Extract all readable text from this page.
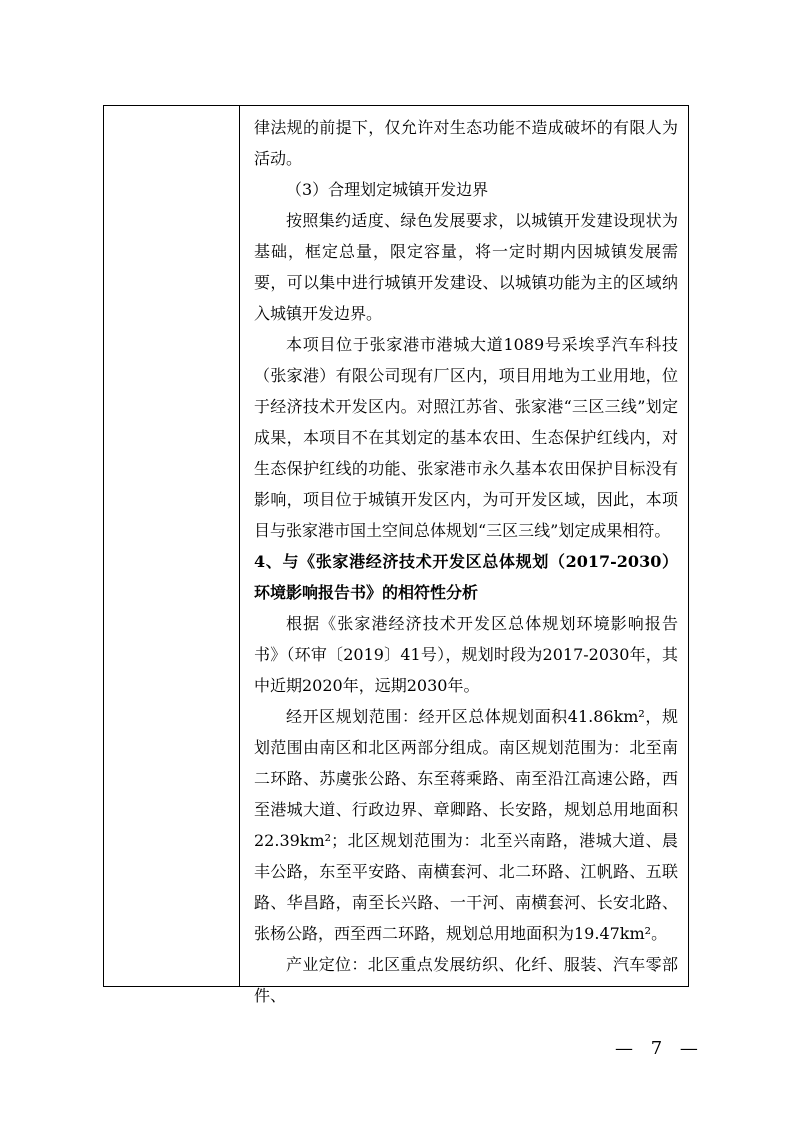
律法规的前提下，仅允许对生态功能不造成破坏的有限人为活动。

（3）合理划定城镇开发边界

按照集约适度、绿色发展要求，以城镇开发建设现状为基础，框定总量，限定容量，将一定时期内因城镇发展需要，可以集中进行城镇开发建设、以城镇功能为主的区域纳入城镇开发边界。

本项目位于张家港市港城大道1089号采埃孚汽车科技（张家港）有限公司现有厂区内，项目用地为工业用地，位于经济技术开发区内。对照江苏省、张家港“三区三线”划定成果，本项目不在其划定的基本农田、生态保护红线内，对生态保护红线的功能、张家港市永久基本农田保护目标没有影响，项目位于城镇开发区内，为可开发区域，因此，本项目与张家港市国土空间总体规划“三区三线”划定成果相符。

4、与《张家港经济技术开发区总体规划（2017-2030）环境影响报告书》的相符性分析

根据《张家港经济技术开发区总体规划环境影响报告书》（环审〔2019〕41号），规划时段为2017-2030年，其中近期2020年，远期2030年。

经开区规划范围：经开区总体规划面积41.86km²，规划范围由南区和北区两部分组成。南区规划范围为：北至南二环路、苏虞张公路、东至蒋乘路、南至沿江高速公路，西至港城大道、行政边界、章卿路、长安路，规划总用地面积22.39km²；北区规划范围为：北至兴南路，港城大道、晨丰公路，东至平安路、南横套河、北二环路、江帆路、五联路、华昌路，南至长兴路、一干河、南横套河、长安北路、张杨公路，西至西二环路，规划总用地面积为19.47km²。

产业定位：北区重点发展纺织、化纤、服装、汽车零部件、

— 7 —
